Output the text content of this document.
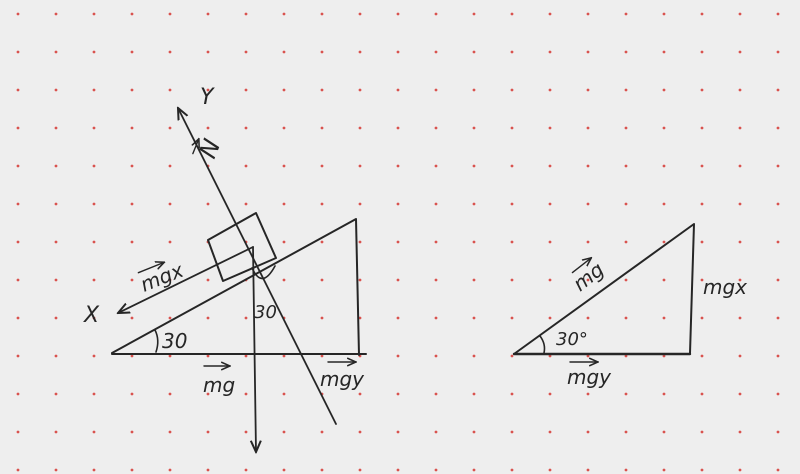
Y
X
N
mgx
mg	mgy
30
30
mg	mgx
mgy
30°
